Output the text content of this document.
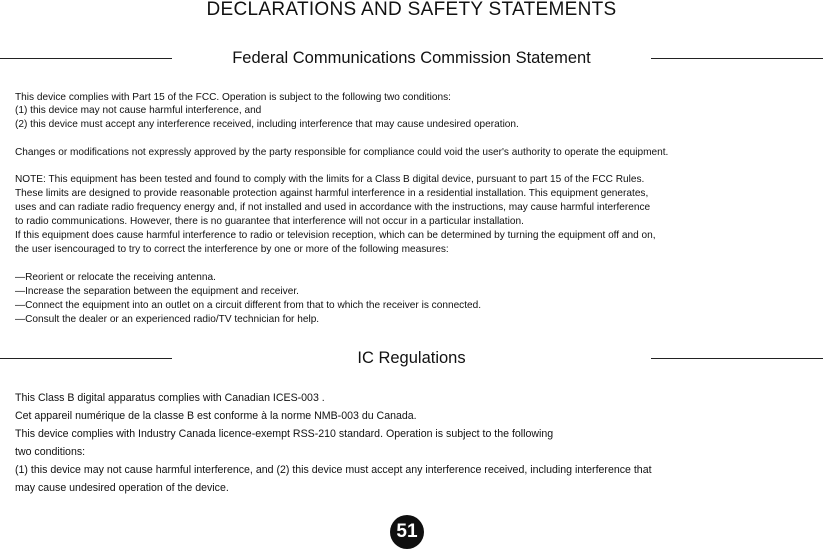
DECLARATIONS AND SAFETY STATEMENTS
Federal Communications Commission Statement
This device complies with Part 15 of the FCC. Operation is subject to the following two conditions:
(1) this device may not cause harmful interference, and
(2) this device must accept any interference received, including interference that may cause undesired operation.
Changes or modifications not expressly approved by the party responsible for compliance could void the user's authority to operate the equipment.
NOTE: This equipment has been tested and found to comply with the limits for a Class B digital device, pursuant to part 15 of the FCC Rules.
These limits are designed to provide reasonable protection against harmful interference in a residential installation. This equipment generates,
uses and can radiate radio frequency energy and, if not installed and used in accordance with the instructions, may cause harmful interference
to radio communications. However, there is no guarantee that interference will not occur in a particular installation.
If this equipment does cause harmful interference to radio or television reception, which can be determined by turning the equipment off and on,
the user isencouraged to try to correct the interference by one or more of the following measures:
—Reorient or relocate the receiving antenna.
—Increase the separation between the equipment and receiver.
—Connect the equipment into an outlet on a circuit different from that to which the receiver is connected.
—Consult the dealer or an experienced radio/TV technician for help.
IC Regulations
This Class B digital apparatus complies with Canadian ICES-003 .
Cet appareil numérique de la classe B est conforme à la norme NMB-003 du Canada.
This device complies with Industry Canada licence-exempt RSS-210 standard. Operation is subject to the following
two conditions:
(1) this device may not cause harmful interference, and (2) this device must accept any interference received, including interference that
may cause undesired operation of the device.
51
